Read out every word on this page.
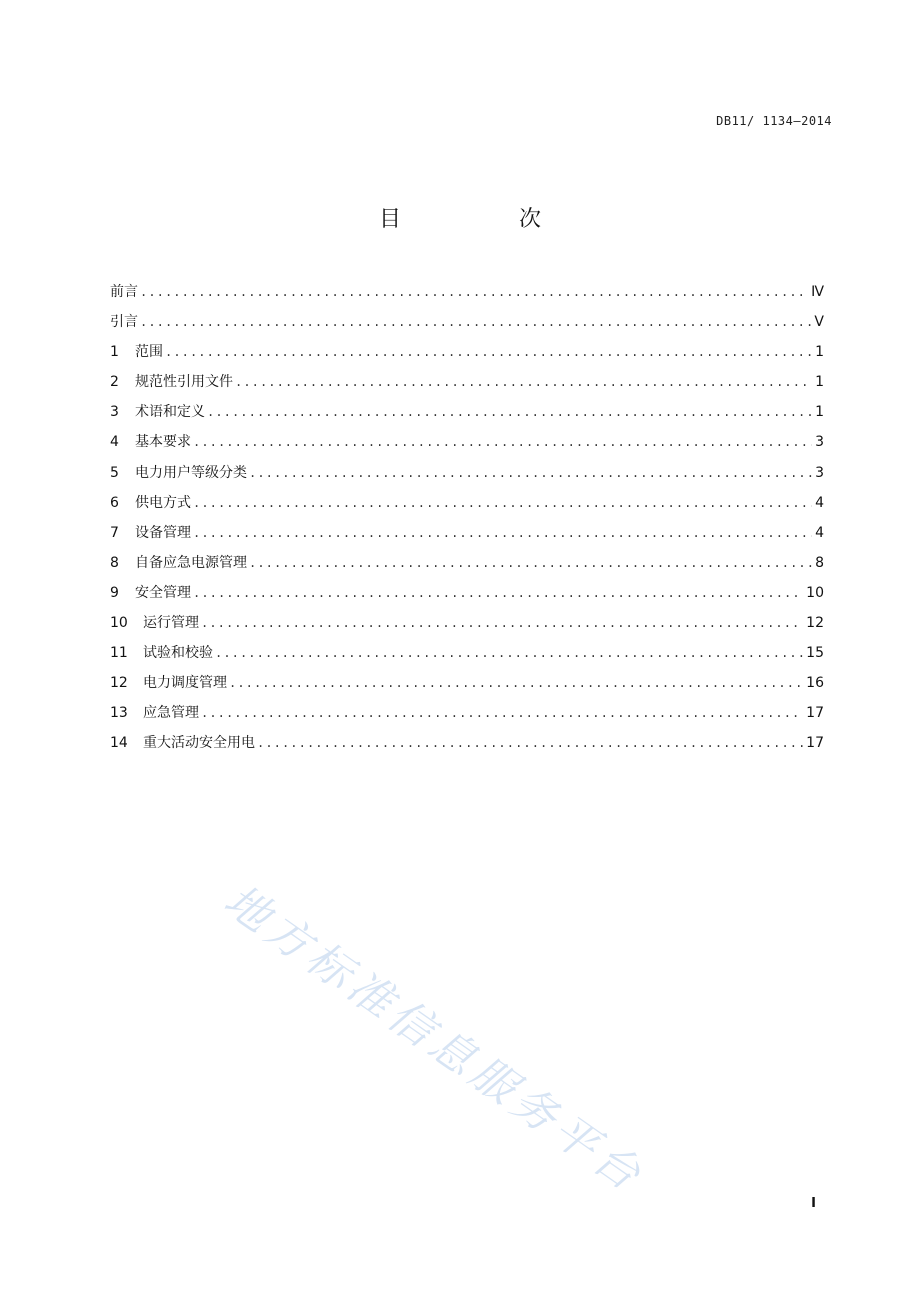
DB11/ 1134—2014
目　次
前言 .....	Ⅳ
引言 .....	Ⅴ
1	范围 .....	1
2	规范性引用文件 .....	1
3	术语和定义 .....	1
4	基本要求 .....	3
5	电力用户等级分类 .....	3
6	供电方式 .....	4
7	设备管理 .....	4
8	自备应急电源管理 .....	8
9	安全管理 .....	10
10	运行管理 .....	12
11	试验和校验 .....	15
12	电力调度管理 .....	16
13	应急管理 .....	17
14	重大活动安全用电 .....	17
地方标准信息服务平台
I
